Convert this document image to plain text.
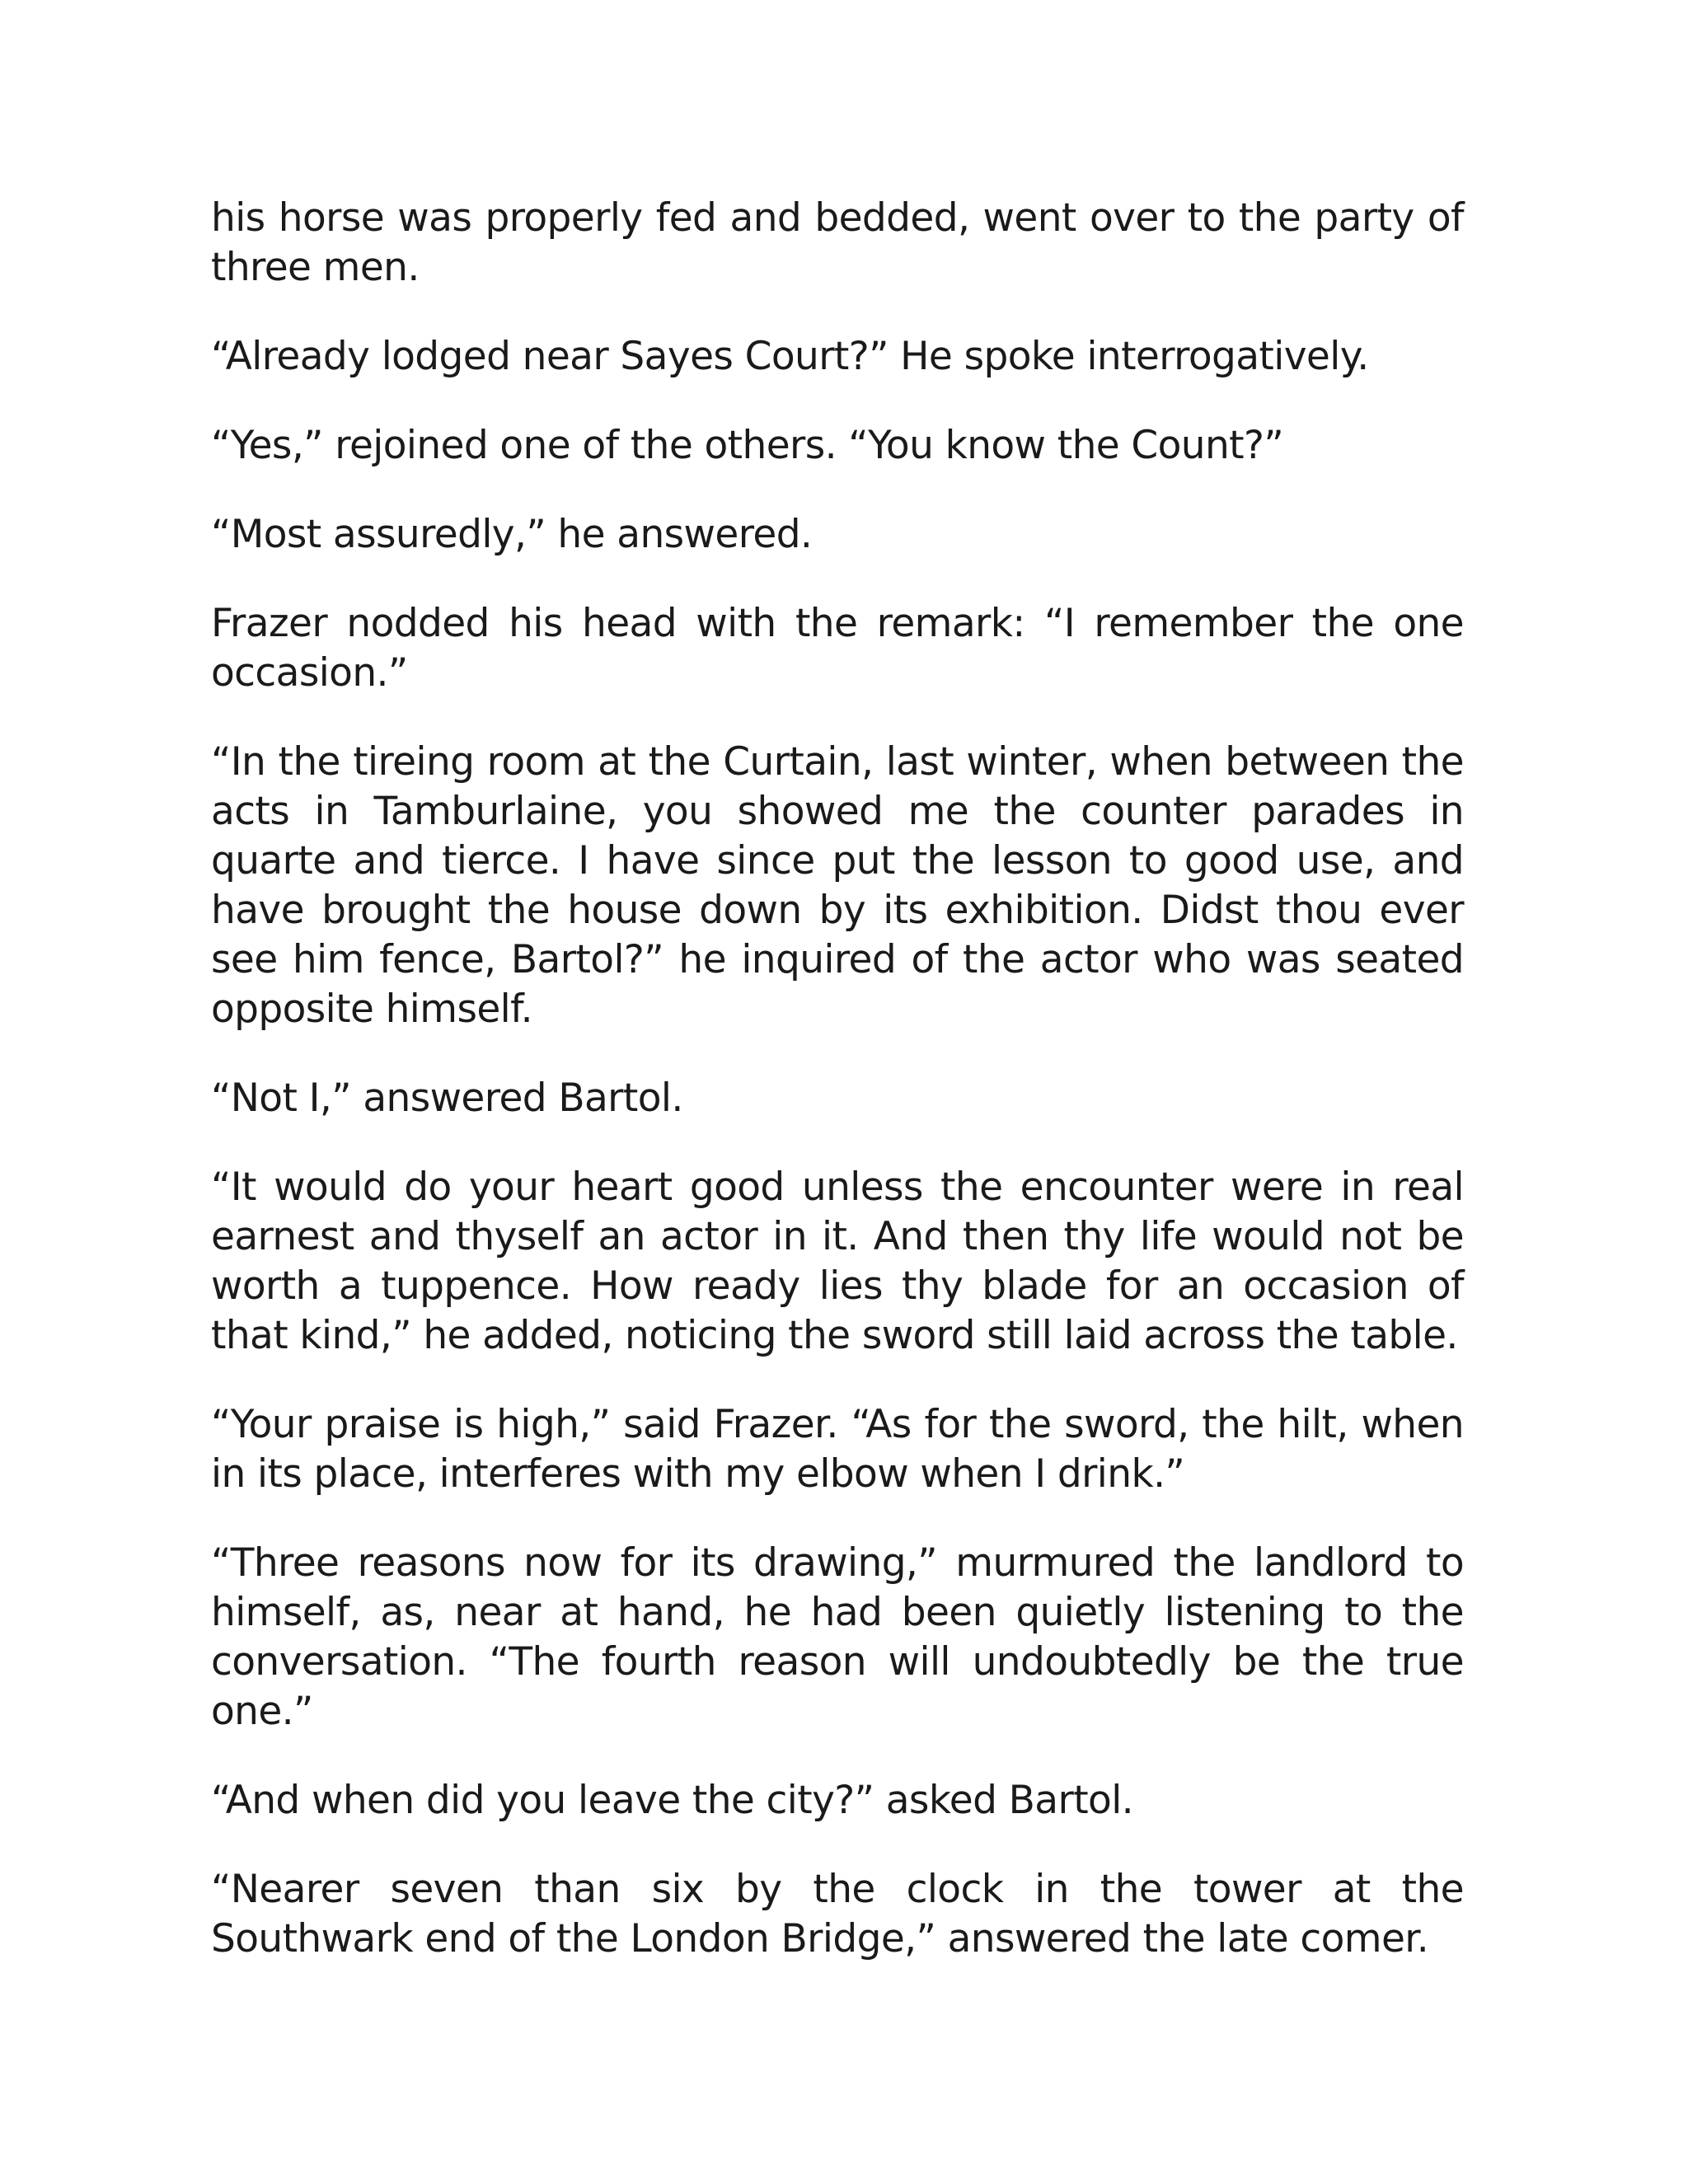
his horse was properly fed and bedded, went over to the party of three men.

“Already lodged near Sayes Court?” He spoke interrogatively.

“Yes,” rejoined one of the others. “You know the Count?”

“Most assuredly,” he answered.

Frazer nodded his head with the remark: “I remember the one occasion.”

“In the tireing room at the Curtain, last winter, when between the acts in Tamburlaine, you showed me the counter parades in quarte and tierce. I have since put the lesson to good use, and have brought the house down by its exhibition. Didst thou ever see him fence, Bartol?” he inquired of the actor who was seated opposite himself.

“Not I,” answered Bartol.

“It would do your heart good unless the encounter were in real earnest and thyself an actor in it. And then thy life would not be worth a tuppence. How ready lies thy blade for an occasion of that kind,” he added, noticing the sword still laid across the table.

“Your praise is high,” said Frazer. “As for the sword, the hilt, when in its place, interferes with my elbow when I drink.”

“Three reasons now for its drawing,” murmured the landlord to himself, as, near at hand, he had been quietly listening to the conversation. “The fourth reason will undoubtedly be the true one.”

“And when did you leave the city?” asked Bartol.

“Nearer seven than six by the clock in the tower at the Southwark end of the London Bridge,” answered the late comer.
